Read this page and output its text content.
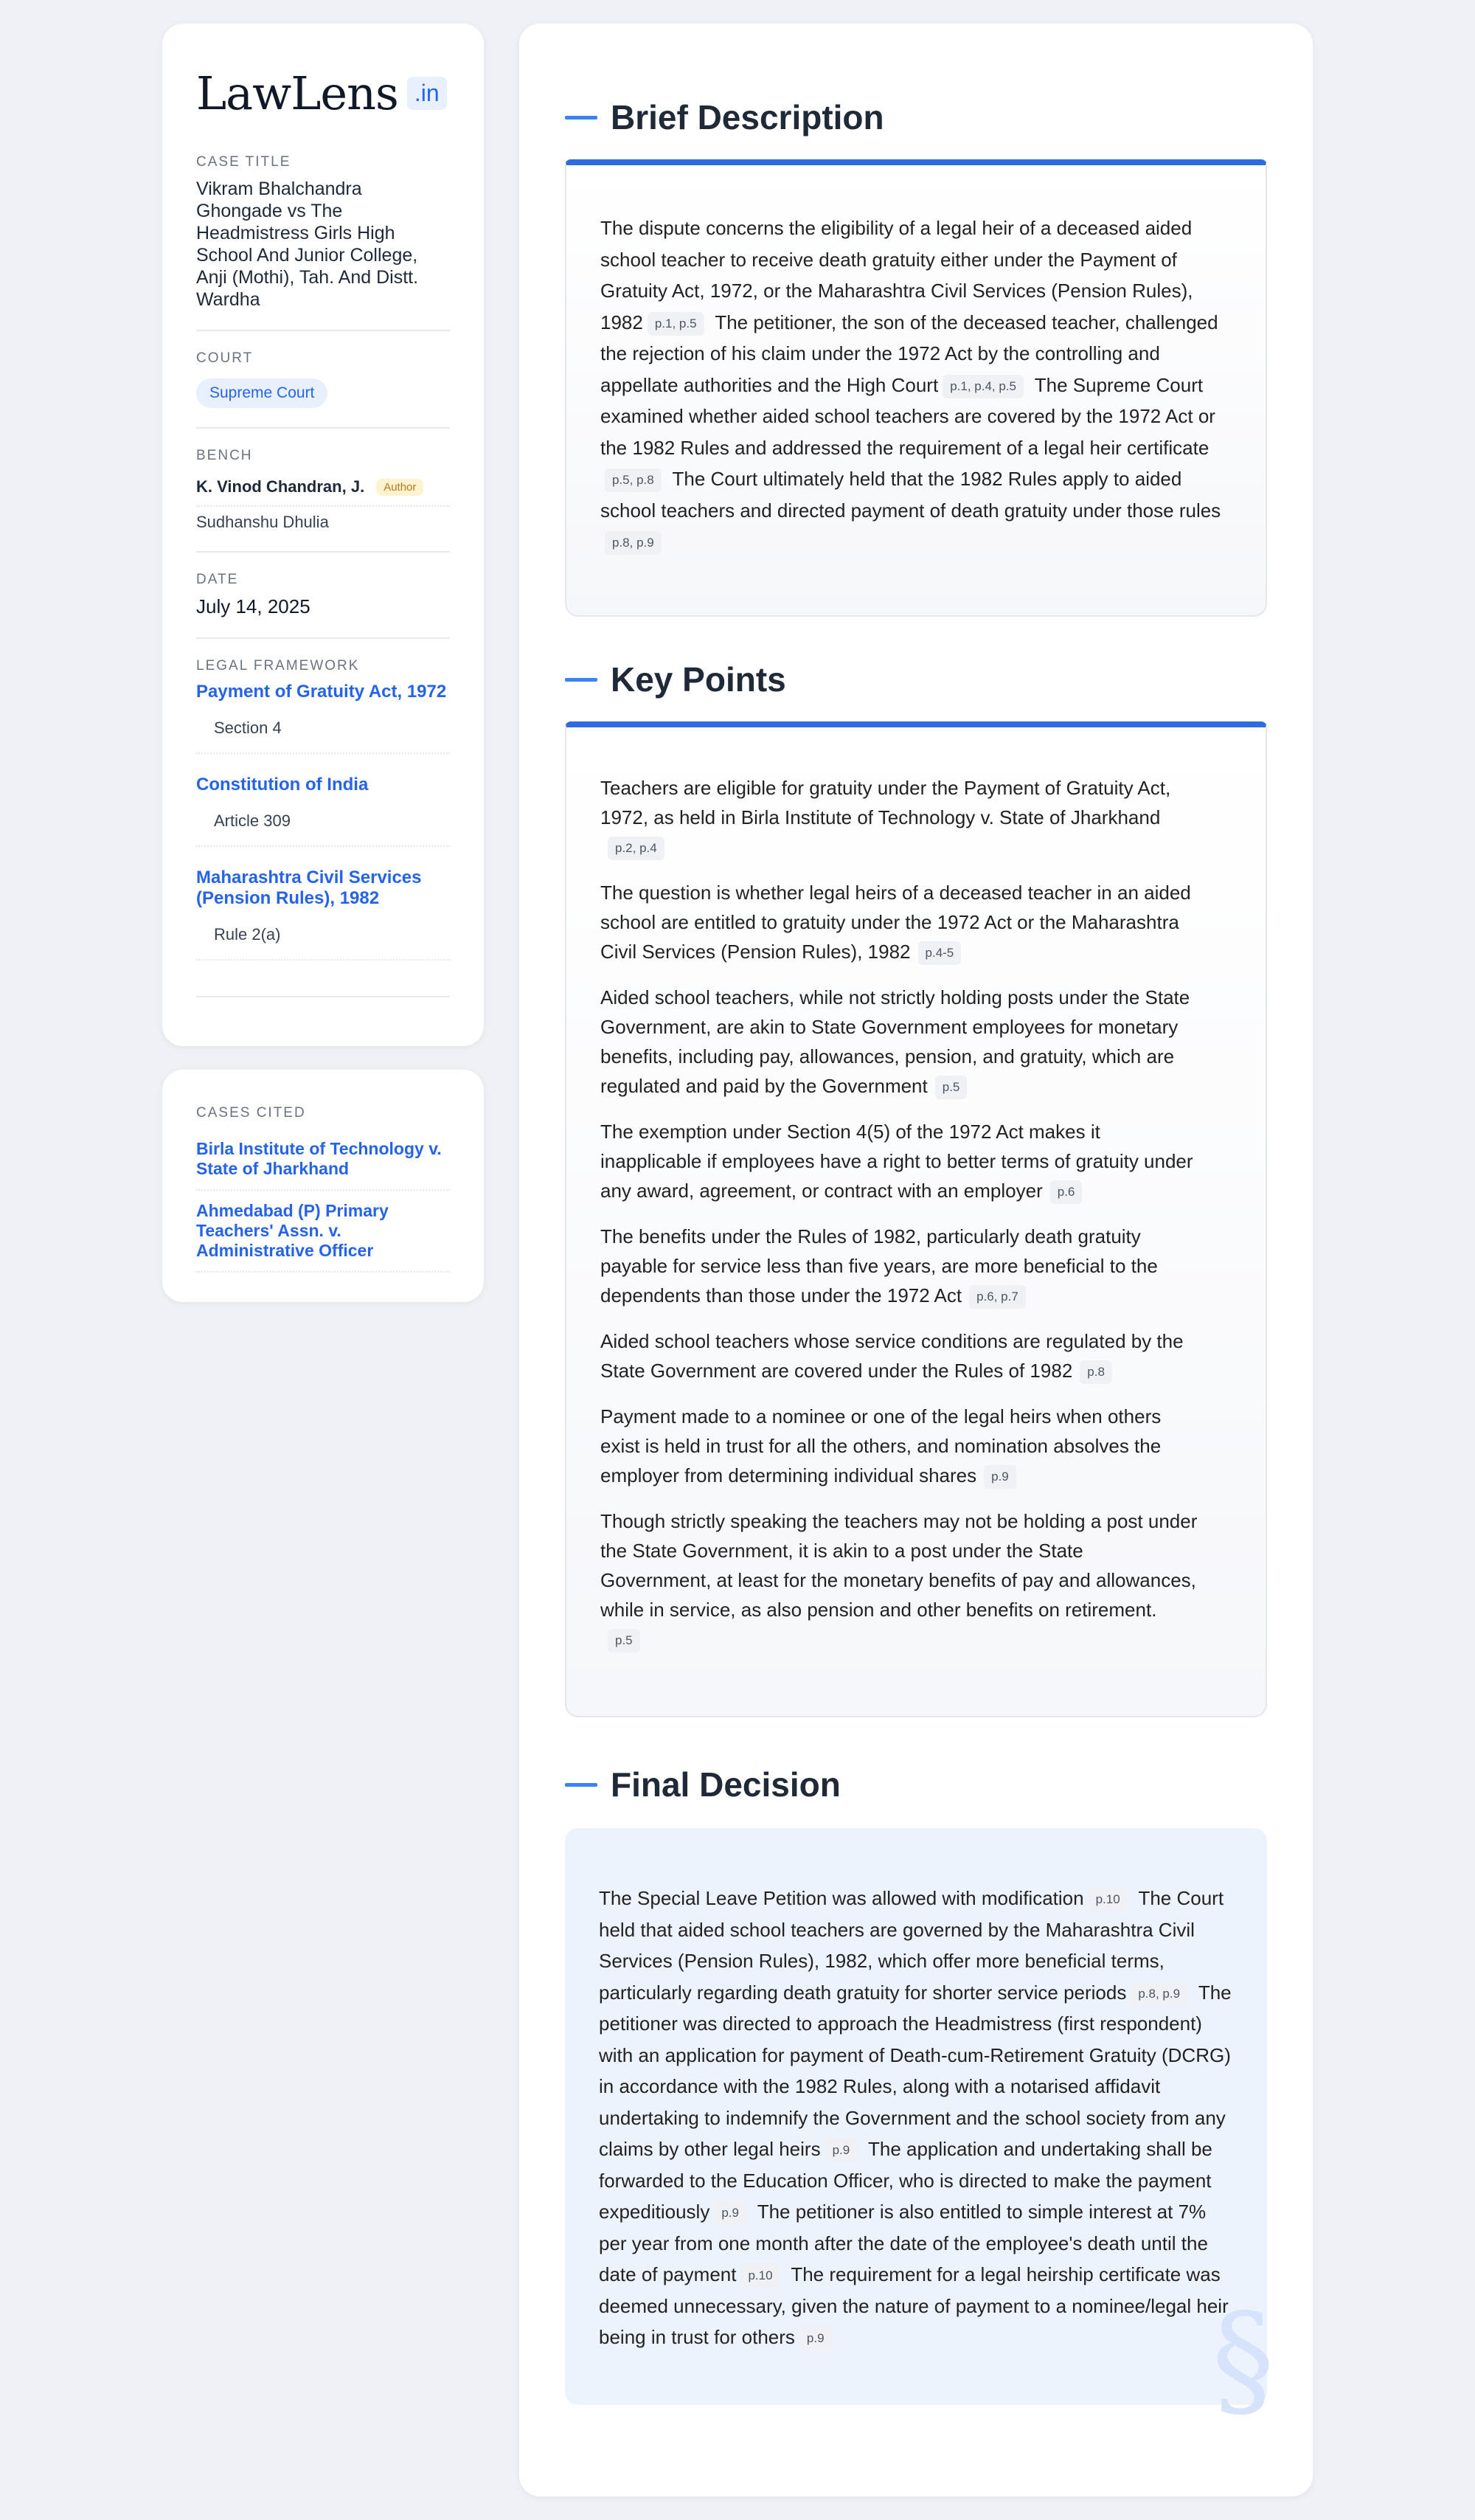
LawLens .in
CASE TITLE
Vikram Bhalchandra Ghongade vs The Headmistress Girls High School And Junior College, Anji (Mothi), Tah. And Distt. Wardha
COURT
Supreme Court
BENCH
K. Vinod Chandran, J.	Author
Sudhanshu Dhulia
DATE
July 14, 2025
LEGAL FRAMEWORK
Payment of Gratuity Act, 1972
Section 4
Constitution of India
Article 309
Maharashtra Civil Services (Pension Rules), 1982
Rule 2(a)
CASES CITED
Birla Institute of Technology v. State of Jharkhand
Ahmedabad (P) Primary Teachers' Assn. v. Administrative Officer
Brief Description

The dispute concerns the eligibility of a legal heir of a deceased aided school teacher to receive death gratuity either under the Payment of Gratuity Act, 1972, or the Maharashtra Civil Services (Pension Rules), 1982 p.1, p.5 The petitioner, the son of the deceased teacher, challenged the rejection of his claim under the 1972 Act by the controlling and appellate authorities and the High Court p.1, p.4, p.5 The Supreme Court examined whether aided school teachers are covered by the 1972 Act or the 1982 Rules and addressed the requirement of a legal heir certificatep.5, p.8 The Court ultimately held that the 1982 Rules apply to aided school teachers and directed payment of death gratuity under those rulesp.8, p.9

Key Points
Teachers are eligible for gratuity under the Payment of Gratuity Act, 1972, as held in Birla Institute of Technology v. State of Jharkhandp.2, p.4
The question is whether legal heirs of a deceased teacher in an aided school are entitled to gratuity under the 1972 Act or the Maharashtra Civil Services (Pension Rules), 1982 p.4-5
Aided school teachers, while not strictly holding posts under the State Government, are akin to State Government employees for monetary benefits, including pay, allowances, pension, and gratuity, which are regulated and paid by the Government p.5
The exemption under Section 4(5) of the 1972 Act makes it inapplicable if employees have a right to better terms of gratuity under any award, agreement, or contract with an employer p.6
The benefits under the Rules of 1982, particularly death gratuity payable for service less than five years, are more beneficial to the dependents than those under the 1972 Act p.6, p.7
Aided school teachers whose service conditions are regulated by the State Government are covered under the Rules of 1982 p.8
Payment made to a nominee or one of the legal heirs when others exist is held in trust for all the others, and nomination absolves the employer from determining individual shares p.9
Though strictly speaking the teachers may not be holding a post under the State Government, it is akin to a post under the State Government, at least for the monetary benefits of pay and allowances, while in service, as also pension and other benefits on retirement.p.5
Final Decision

The Special Leave Petition was allowed with modification p.10 The Court held that aided school teachers are governed by the Maharashtra Civil Services (Pension Rules), 1982, which offer more beneficial terms, particularly regarding death gratuity for shorter service periods p.8, p.9 The petitioner was directed to approach the Headmistress (first respondent) with an application for payment of Death-cum-Retirement Gratuity (DCRG) in accordance with the 1982 Rules, along with a notarised affidavit undertaking to indemnify the Government and the school society from any claims by other legal heirs p.9 The application and undertaking shall be forwarded to the Education Officer, who is directed to make the payment expeditiously p.9 The petitioner is also entitled to simple interest at 7% per year from one month after the date of the employee's death until the date of payment p.10 The requirement for a legal heirship certificate was deemed unnecessary, given the nature of payment to a nominee/legal heir being in trust for others p.9	§
